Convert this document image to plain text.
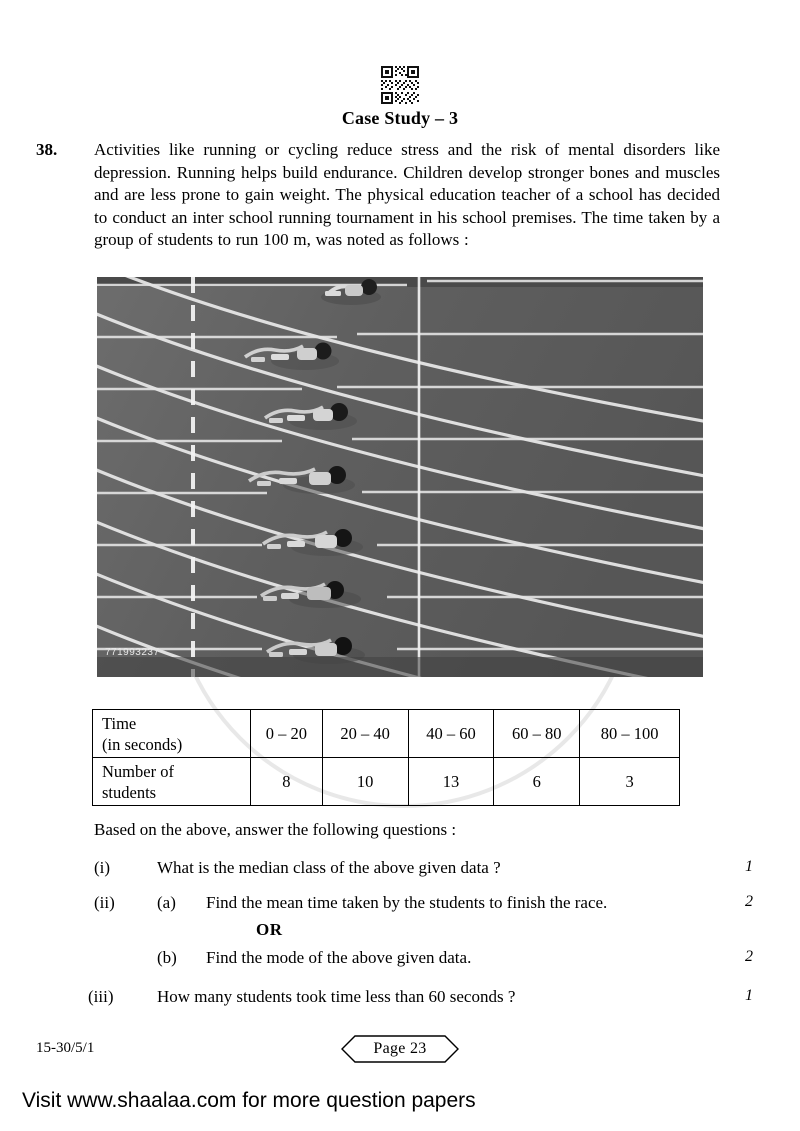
Case Study – 3
38. Activities like running or cycling reduce stress and the risk of mental disorders like depression. Running helps build endurance. Children develop stronger bones and muscles and are less prone to gain weight. The physical education teacher of a school has decided to conduct an inter school running tournament in his school premises. The time taken by a group of students to run 100 m, was noted as follows :
771993237
Time
(in seconds)	0 – 20	20 – 40	40 – 60	60 – 80	80 – 100
Number of
students	8	10	13	6	3
Based on the above, answer the following questions :
(i)	What is the median class of the above given data ?	1
(ii) (a) Find the mean time taken by the students to finish the race.	2
OR
(b) Find the mode of the above given data.	2
(iii)	How many students took time less than 60 seconds ?	1
15-30/5/1	Page 23
Visit www.shaalaa.com for more question papers
